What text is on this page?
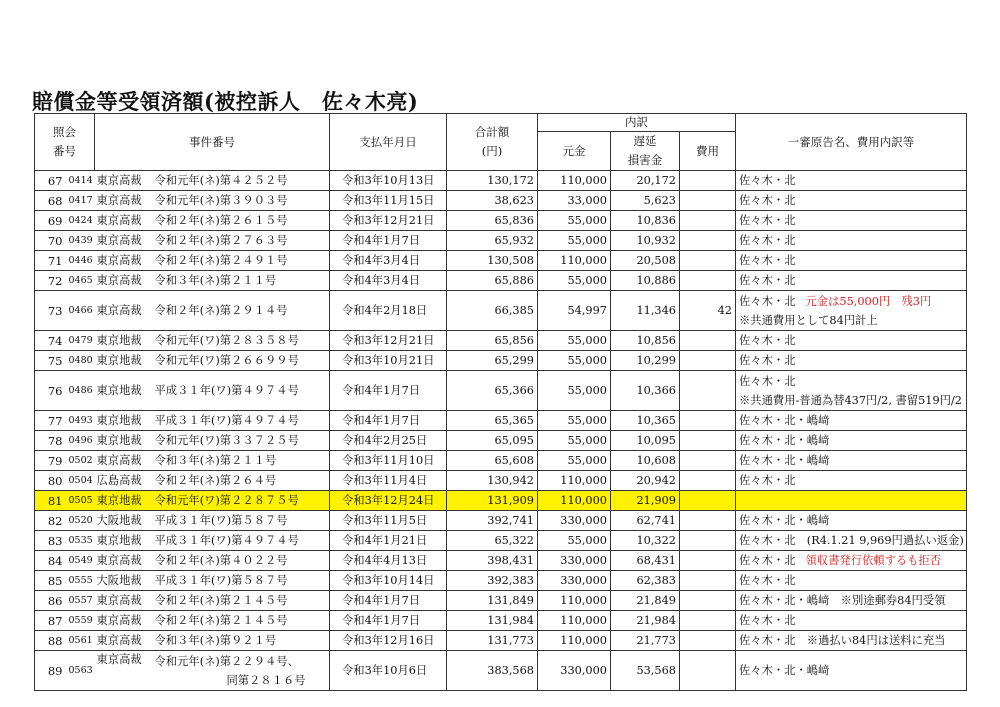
賠償金等受領済額(被控訴人　佐々木亮)
照会
番号		事件番号		支払年月日	合計額
(円)	内訳			一審原告名、費用内訳等
						元金	遅延
損害金	費用	
67	0414	東京高裁	令和元年(ネ)第４２５２号	令和3年10月13日	130,172	110,000	20,172		佐々木・北

68	0417	東京高裁	令和元年(ネ)第３９０３号	令和3年11月15日	38,623	33,000	5,623		佐々木・北

69	0424	東京高裁	令和２年(ネ)第２６１５号	令和3年12月21日	65,836	55,000	10,836		佐々木・北

70	0439	東京高裁	令和２年(ネ)第２７６３号	令和4年1月7日	65,932	55,000	10,932		佐々木・北

71	0446	東京高裁	令和２年(ネ)第２４９１号	令和4年3月4日	130,508	110,000	20,508		佐々木・北

72	0465	東京高裁	令和３年(ネ)第２１１号	令和4年3月4日	65,886	55,000	10,886		佐々木・北

73	0466	東京高裁	令和２年(ネ)第２９１４号	令和4年2月18日	66,385	54,997	11,346	42	佐々木・北 元金は55,000円　残3円
※共通費用として84円計上

74	0479	東京地裁	令和元年(ワ)第２８３５８号	令和3年12月21日	65,856	55,000	10,856		佐々木・北

75	0480	東京地裁	令和元年(ワ)第２６６９９号	令和3年10月21日	65,299	55,000	10,299		佐々木・北

76	0486	東京地裁	平成３１年(ワ)第４９７４号	令和4年1月7日	65,366	55,000	10,366		佐々木・北
※共通費用-普通為替437円/2, 書留519円/2

77	0493	東京地裁	平成３１年(ワ)第４９７４号	令和4年1月7日	65,365	55,000	10,365		佐々木・北・嶋﨑

78	0496	東京地裁	令和元年(ワ)第３３７２５号	令和4年2月25日	65,095	55,000	10,095		佐々木・北・嶋﨑

79	0502	東京高裁	令和３年(ネ)第２１１号	令和3年11月10日	65,608	55,000	10,608		佐々木・北・嶋﨑

80	0504	広島高裁	令和２年(ネ)第２６４号	令和3年11月4日	130,942	110,000	20,942		佐々木・北

81	0505	東京地裁	令和元年(ワ)第２２８７５号	令和3年12月24日	131,909	110,000	21,909		

82	0520	大阪地裁	平成３１年(ワ)第５８７号	令和3年11月5日	392,741	330,000	62,741		佐々木・北・嶋﨑

83	0535	東京地裁	平成３１年(ワ)第４９７４号	令和4年1月21日	65,322	55,000	10,322		佐々木・北　(R4.1.21 9,969円過払い返金)

84	0549	東京高裁	令和２年(ネ)第４０２２号	令和4年4月13日	398,431	330,000	68,431		佐々木・北 領収書発行依頼するも拒否

85	0555	大阪地裁	平成３１年(ワ)第５８７号	令和3年10月14日	392,383	330,000	62,383		佐々木・北

86	0557	東京高裁	令和２年(ネ)第２１４５号	令和4年1月7日	131,849	110,000	21,849		佐々木・北・嶋﨑　※別途郵券84円受領

87	0559	東京高裁	令和２年(ネ)第２１４５号	令和4年1月7日	131,984	110,000	21,984		佐々木・北

88	0561	東京高裁	令和３年(ネ)第９２１号	令和3年12月16日	131,773	110,000	21,773		佐々木・北　※過払い84円は送料に充当

89	0563	東京高裁	令和元年(ネ)第２２９４号、
同第２８１６号	令和3年10月6日	383,568	330,000	53,568		佐々木・北・嶋﨑
